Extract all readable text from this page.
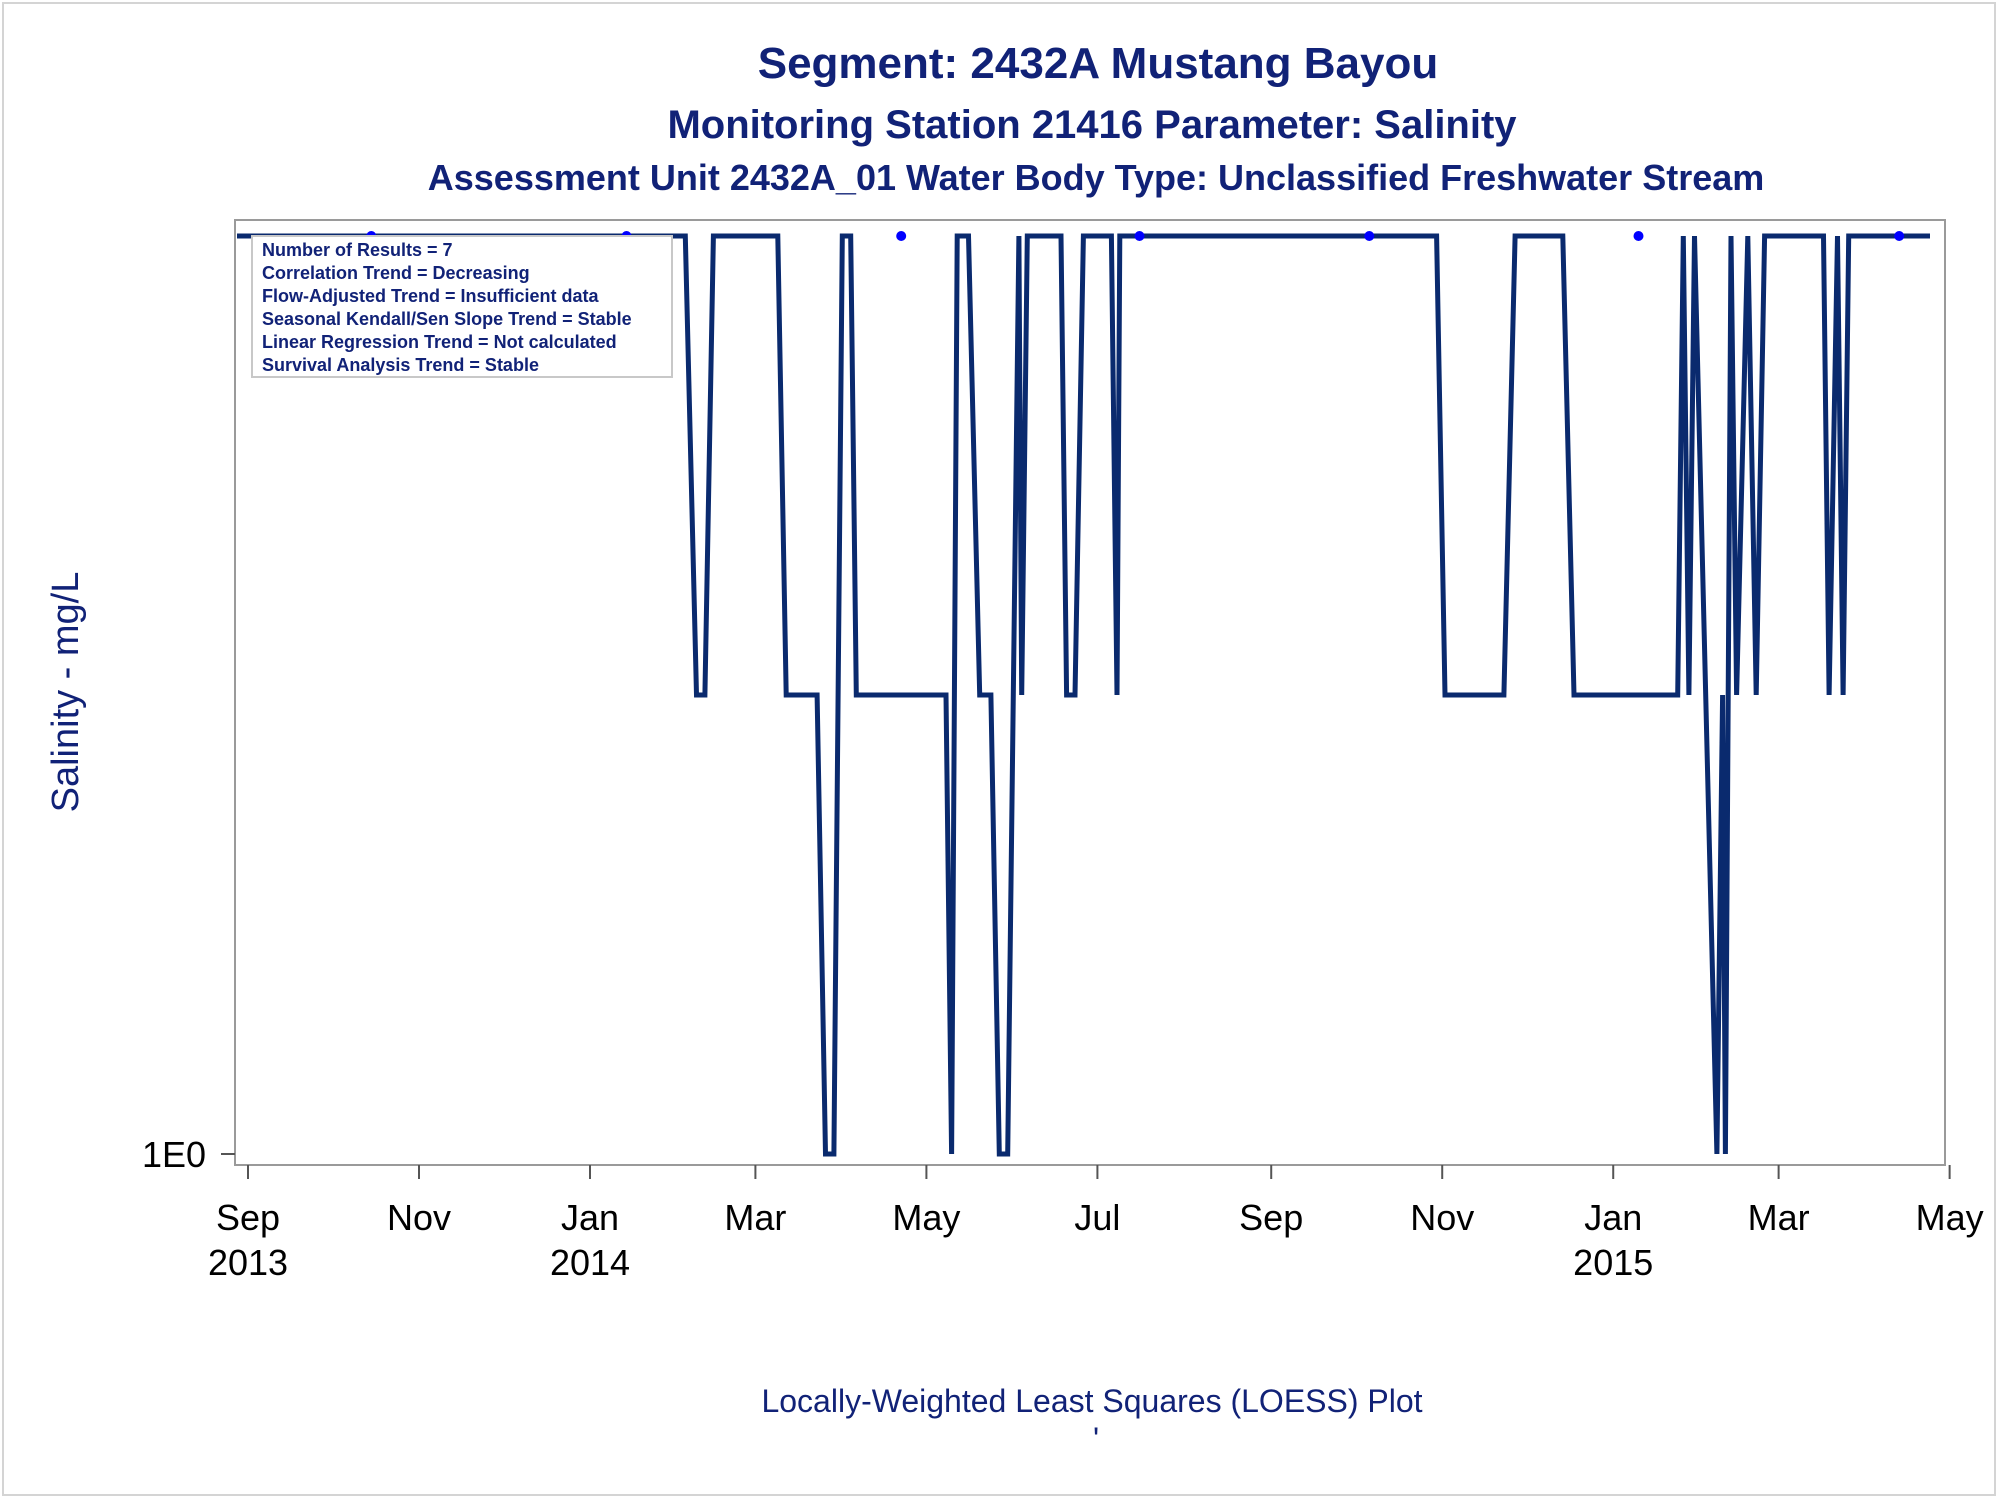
Segment: 2432A Mustang Bayou
Monitoring Station 21416 Parameter: Salinity
Assessment Unit 2432A_01 Water Body Type: Unclassified Freshwater Stream
Number of Results = 7
Correlation Trend = Decreasing
Flow-Adjusted Trend = Insufficient data
Seasonal Kendall/Sen Slope Trend = Stable
Linear Regression Trend = Not calculated
Survival Analysis Trend = Stable
1E0
Sep
2013
Nov	Jan
2014
Mar	May	Jul	Sep	Nov	Jan
2015
Mar	May
Salinity - mg/L
Locally-Weighted Least Squares (LOESS) Plot
'
